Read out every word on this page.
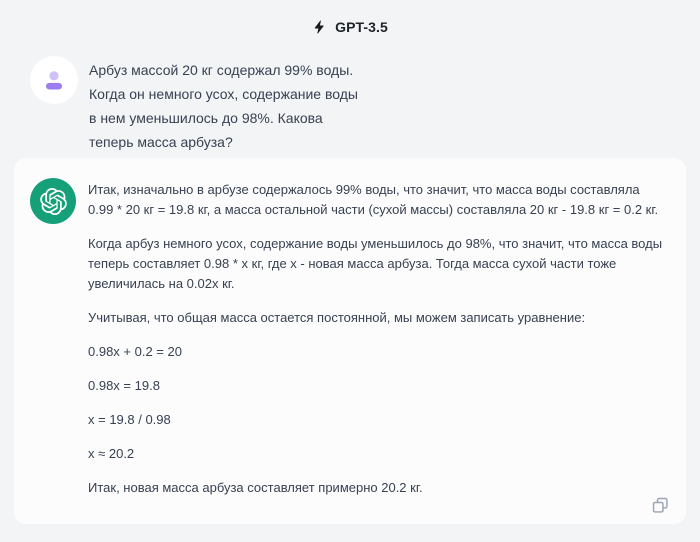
GPT-3.5
Арбуз массой 20 кг содержал 99% воды. Когда он немного усох, содержание воды в нем уменьшилось до 98%. Какова теперь масса арбуза?

Итак, изначально в арбузе содержалось 99% воды, что значит, что масса воды составляла 0.99 * 20 кг = 19.8 кг, а масса остальной части (сухой массы) составляла 20 кг - 19.8 кг = 0.2 кг.

Когда арбуз немного усох, содержание воды уменьшилось до 98%, что значит, что масса воды теперь составляет 0.98 * x кг, где x - новая масса арбуза. Тогда масса сухой части тоже увеличилась на 0.02x кг.

Учитывая, что общая масса остается постоянной, мы можем записать уравнение:

0.98x + 0.2 = 20

0.98x = 19.8

x = 19.8 / 0.98

x ≈ 20.2

Итак, новая масса арбуза составляет примерно 20.2 кг.
